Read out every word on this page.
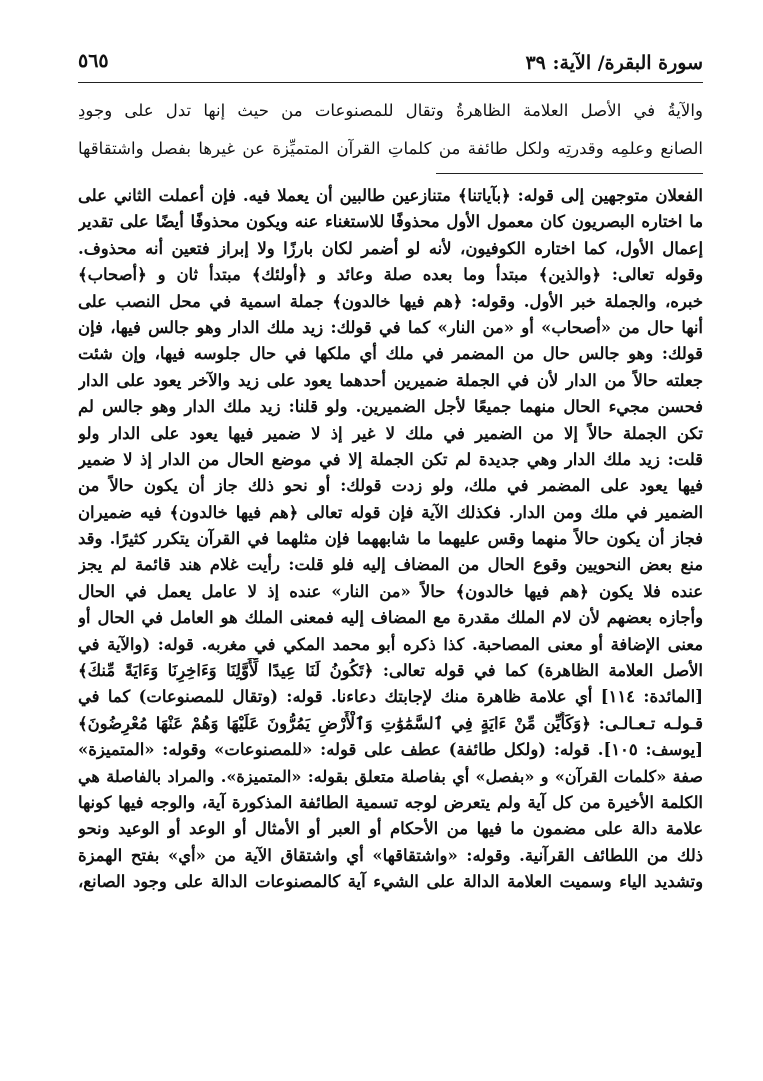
سورة البقرة/ الآية: ٣٩
٥٦٥
والآيةُ في الأصل العلامة الظاهرةُ وتقال للمصنوعات من حيث إنها تدل على وجودِ
الصانع وعلمِه وقدرتِه ولكل طائفة من كلماتِ القرآن المتميِّزة عن غيرها بفصل واشتقاقها
الفعلان متوجهين إلى قوله: ﴿بآياتنا﴾ متنازعين طالبين أن يعملا فيه. فإن أعملت الثاني على
ما اختاره البصريون كان معمول الأول محذوفًا للاستغناء عنه ويكون محذوفًا أيضًا على تقدير
إعمال الأول، كما اختاره الكوفيون، لأنه لو أضمر لكان بارزًا ولا إبراز فتعين أنه محذوف.
وقوله تعالى: ﴿والذين﴾ مبتدأ وما بعده صلة وعائد و ﴿أولئك﴾ مبتدأ ثان و ﴿أصحاب﴾
خبره، والجملة خبر الأول. وقوله: ﴿هم فيها خالدون﴾ جملة اسمية في محل النصب على
أنها حال من «أصحاب» أو «من النار» كما في قولك: زيد ملك الدار وهو جالس فيها، فإن
قولك: وهو جالس حال من المضمر في ملك أي ملكها في حال جلوسه فيها، وإن شئت
جعلته حالاً من الدار لأن في الجملة ضميرين أحدهما يعود على زيد والآخر يعود على الدار
فحسن مجيء الحال منهما جميعًا لأجل الضميرين. ولو قلنا: زيد ملك الدار وهو جالس لم
تكن الجملة حالاً إلا من الضمير في ملك لا غير إذ لا ضمير فيها يعود على الدار ولو
قلت: زيد ملك الدار وهي جديدة لم تكن الجملة إلا في موضع الحال من الدار إذ لا ضمير
فيها يعود على المضمر في ملك، ولو زدت قولك: أو نحو ذلك جاز أن يكون حالاً من
الضمير في ملك ومن الدار. فكذلك الآية فإن قوله تعالى ﴿هم فيها خالدون﴾ فيه ضميران
فجاز أن يكون حالاً منهما وقس عليهما ما شابههما فإن مثلهما في القرآن يتكرر كثيرًا. وقد
منع بعض النحويين وقوع الحال من المضاف إليه فلو قلت: رأيت غلام هند قائمة لم يجز
عنده فلا يكون ﴿هم فيها خالدون﴾ حالاً «من النار» عنده إذ لا عامل يعمل في الحال
وأجازه بعضهم لأن لام الملك مقدرة مع المضاف إليه فمعنى الملك هو العامل في الحال أو
معنى الإضافة أو معنى المصاحبة. كذا ذكره أبو محمد المكي في مغربه. قوله: (والآية في
الأصل العلامة الظاهرة) كما في قوله تعالى: ﴿تَكُونُ لَنَا عِيدًا لِّأَوَّلِنَا وَءَاخِرِنَا وَءَايَةً مِّنكَ﴾
[المائدة: ١١٤] أي علامة ظاهرة منك لإجابتك دعاءنا. قوله: (وتقال للمصنوعات) كما في
قـولـه تـعـالـى: ﴿وَكَأَيِّن مِّنْ ءَايَةٍ فِي ٱلسَّمَٰوَٰتِ وَٱلْأَرْضِ يَمُرُّونَ عَلَيْهَا وَهُمْ عَنْهَا مُعْرِضُونَ﴾
[يوسف: ١٠٥]. قوله: (ولكل طائفة) عطف على قوله: «للمصنوعات» وقوله: «المتميزة»
صفة «كلمات القرآن» و «بفصل» أي بفاصلة متعلق بقوله: «المتميزة». والمراد بالفاصلة هي
الكلمة الأخيرة من كل آية ولم يتعرض لوجه تسمية الطائفة المذكورة آية، والوجه فيها كونها
علامة دالة على مضمون ما فيها من الأحكام أو العبر أو الأمثال أو الوعد أو الوعيد ونحو
ذلك من اللطائف القرآنية. وقوله: «واشتقاقها» أي واشتقاق الآية من «أي» بفتح الهمزة
وتشديد الياء وسميت العلامة الدالة على الشيء آية كالمصنوعات الدالة على وجود الصانع،
